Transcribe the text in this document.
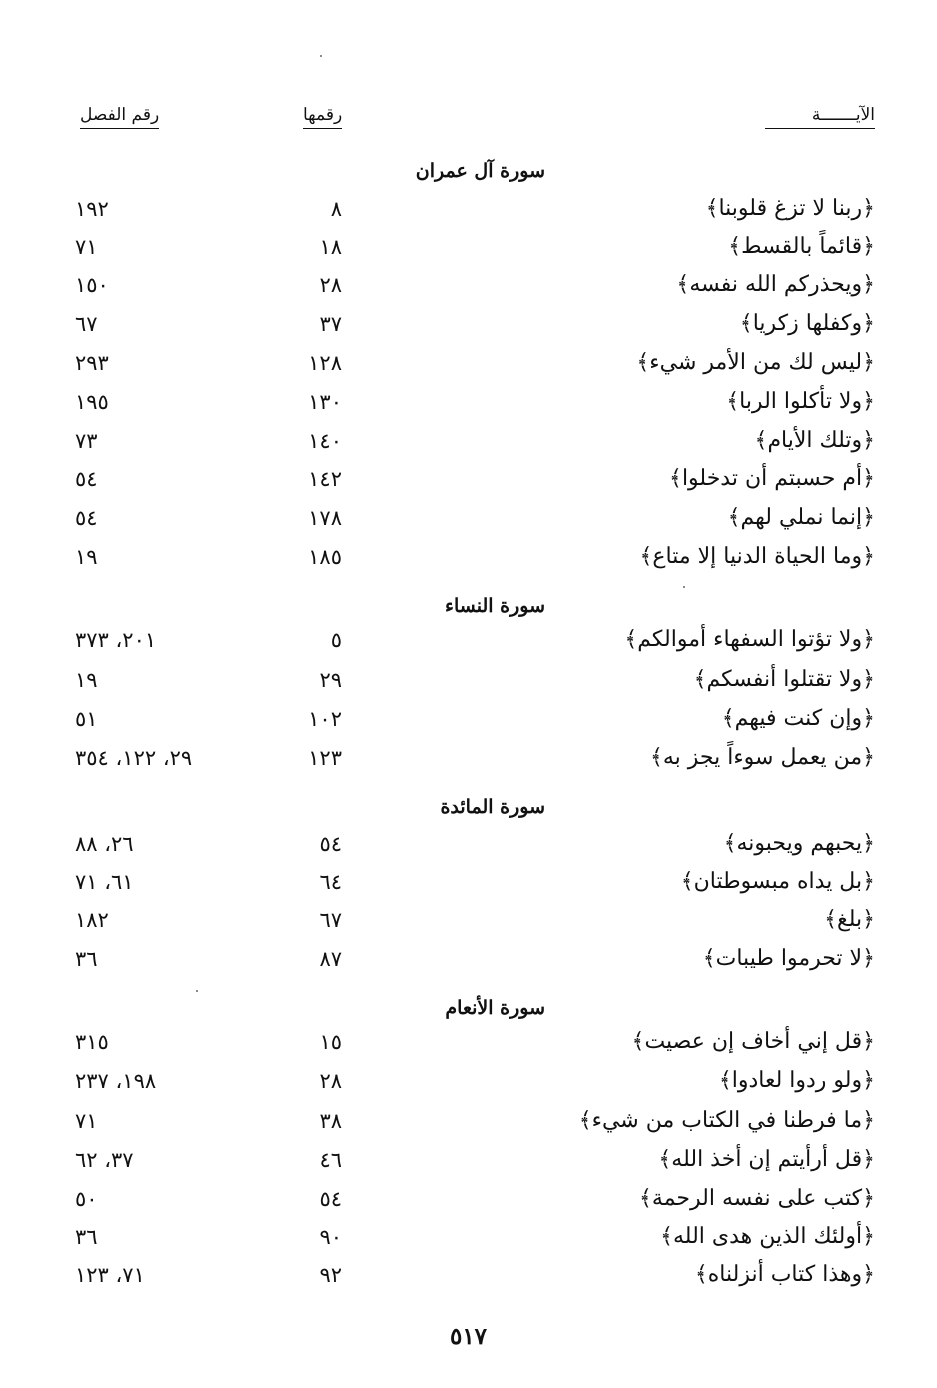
الآيـــــــة
رقمها
رقم الفصل
سورة آل عمران
﴿ربنا لا تزغ قلوبنا﴾
٨
١٩٢
﴿قائماً بالقسط﴾
١٨
٧١
﴿ويحذركم الله نفسه﴾
٢٨
١٥٠
﴿وكفلها زكريا﴾
٣٧
٦٧
﴿ليس لك من الأمر شيء﴾
١٢٨
٢٩٣
﴿ولا تأكلوا الربا﴾
١٣٠
١٩٥
﴿وتلك الأيام﴾
١٤٠
٧٣
﴿أم حسبتم أن تدخلوا﴾
١٤٢
٥٤
﴿إنما نملي لهم﴾
١٧٨
٥٤
﴿وما الحياة الدنيا إلا متاع﴾
١٨٥
١٩
سورة النساء
﴿ولا تؤتوا السفهاء أموالكم﴾
٥
٢٠١، ٣٧٣
﴿ولا تقتلوا أنفسكم﴾
٢٩
١٩
﴿وإن كنت فيهم﴾
١٠٢
٥١
﴿من يعمل سوءاً يجز به﴾
١٢٣
٢٩، ١٢٢، ٣٥٤
سورة المائدة
﴿يحبهم ويحبونه﴾
٥٤
٢٦، ٨٨
﴿بل يداه مبسوطتان﴾
٦٤
٦١، ٧١
﴿بلغ﴾
٦٧
١٨٢
﴿لا تحرموا طيبات﴾
٨٧
٣٦
سورة الأنعام
﴿قل إني أخاف إن عصيت﴾
١٥
٣١٥
﴿ولو ردوا لعادوا﴾
٢٨
١٩٨، ٢٣٧
﴿ما فرطنا في الكتاب من شيء﴾
٣٨
٧١
﴿قل أرأيتم إن أخذ الله﴾
٤٦
٣٧، ٦٢
﴿كتب على نفسه الرحمة﴾
٥٤
٥٠
﴿أولئك الذين هدى الله﴾
٩٠
٣٦
﴿وهذا كتاب أنزلناه﴾
٩٢
٧١، ١٢٣
٥١٧
